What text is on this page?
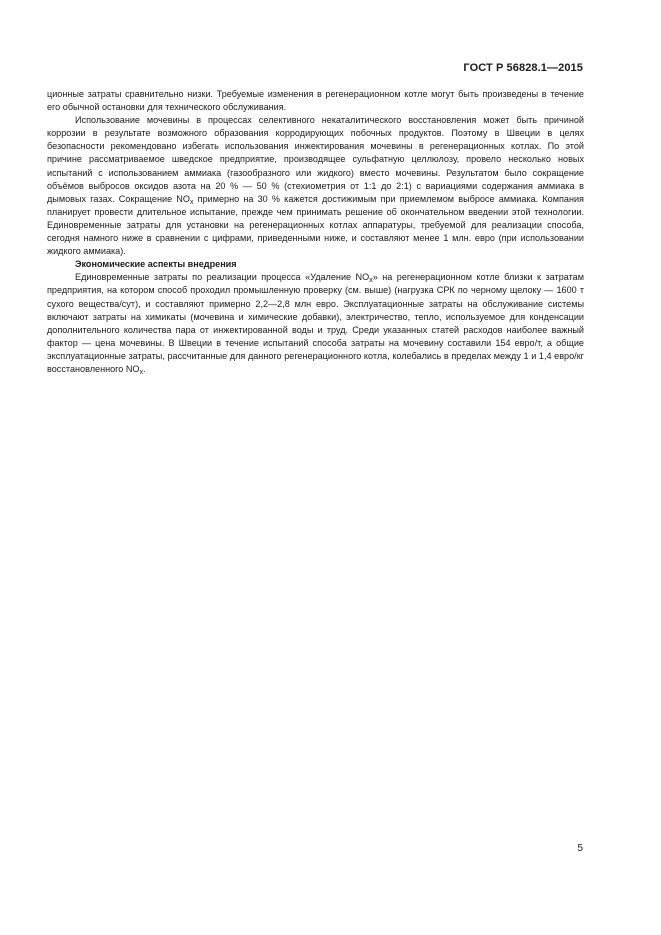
ГОСТ Р 56828.1—2015

ционные затраты сравнительно низки. Требуемые изменения в регенерационном котле могут быть произведены в течение его обычной остановки для технического обслуживания.

Использование мочевины в процессах селективного некаталитического восстановления может быть причиной коррозии в результате возможного образования корродирующих побочных продуктов. Поэтому в Швеции в целях безопасности рекомендовано избегать использования инжектирования мочевины в регенерационных котлах. По этой причине рассматриваемое шведское предприятие, производящее сульфатную целлюлозу, провело несколько новых испытаний с использованием аммиака (газообразного или жидкого) вместо мочевины. Результатом было сокращение объёмов выбросов оксидов азота на 20 % — 50 % (стехиометрия от 1:1 до 2:1) с вариациями содержания аммиака в дымовых газах. Сокращение $NO_x$ примерно на 30 % кажется достижимым при приемлемом выбросе аммиака. Компания планирует провести длительное испытание, прежде чем принимать решение об окончательном введении этой технологии. Единовременные затраты для установки на регенерационных котлах аппаратуры, требуемой для реализации способа, сегодня намного ниже в сравнении с цифрами, приведенными ниже, и составляют менее 1 млн. евро (при использовании жидкого аммиака).

Экономические аспекты внедрения

Единовременные затраты по реализации процесса «Удаление $NO_x$» на регенерационном котле близки к затратам предприятия, на котором способ проходил промышленную проверку (см. выше) (нагрузка СРК по черному щелоку — 1600 т сухого вещества/сут), и составляют примерно 2,2—2,8 млн евро. Эксплуатационные затраты на обслуживание системы включают затраты на химикаты (мочевина и химические добавки), электричество, тепло, используемое для конденсации дополнительного количества пара от инжектированной воды и труд. Среди указанных статей расходов наиболее важный фактор — цена мочевины. В Швеции в течение испытаний способа затраты на мочевину составили 154 евро/т, а общие эксплуатационные затраты, рассчитанные для данного регенерационного котла, колебались в пределах между 1 и 1,4 евро/кг восстановленного $NO_x$.

5
